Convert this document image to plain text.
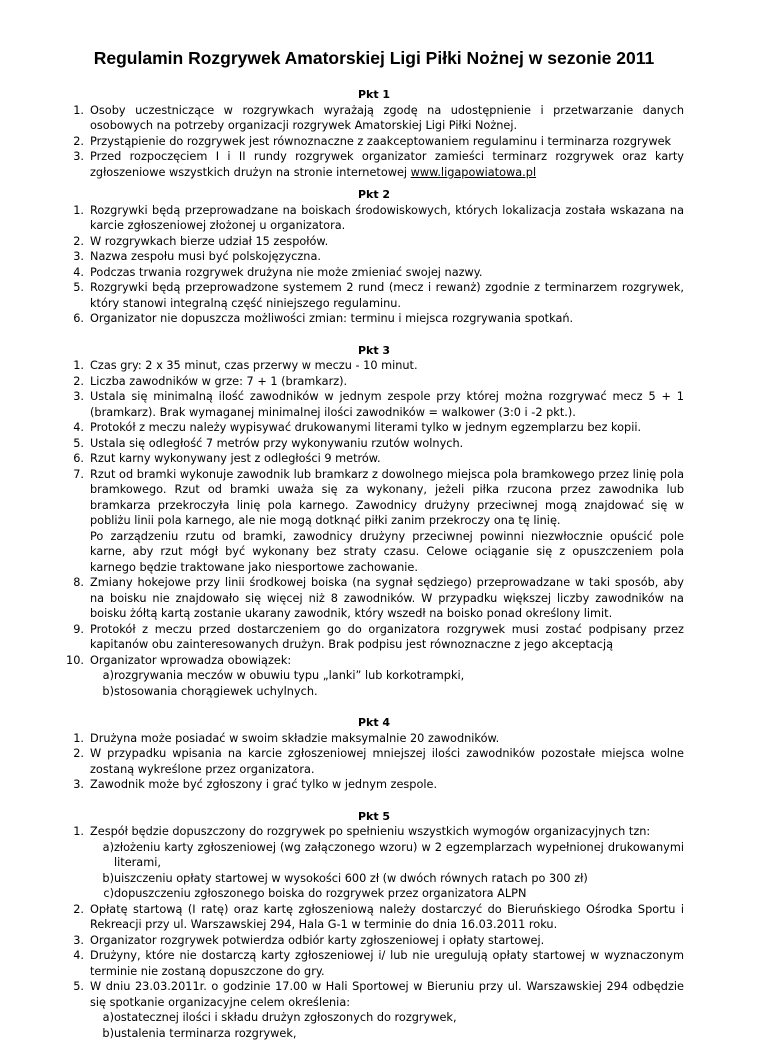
Regulamin Rozgrywek Amatorskiej Ligi Piłki Nożnej w sezonie 2011
Pkt 1
1. Osoby uczestniczące w rozgrywkach wyrażają zgodę na udostępnienie i przetwarzanie danych osobowych na potrzeby organizacji rozgrywek Amatorskiej Ligi Piłki Nożnej.
2. Przystąpienie do rozgrywek jest równoznaczne z zaakceptowaniem regulaminu i terminarza rozgrywek
3. Przed rozpoczęciem I i II rundy rozgrywek organizator zamieści terminarz rozgrywek oraz karty zgłoszeniowe wszystkich drużyn na stronie internetowej www.ligapowiatowa.pl
Pkt 2
1. Rozgrywki będą przeprowadzane na boiskach środowiskowych, których lokalizacja została wskazana na karcie zgłoszeniowej złożonej u organizatora.
2. W rozgrywkach bierze udział 15 zespołów.
3. Nazwa zespołu musi być polskojęzyczna.
4. Podczas trwania rozgrywek drużyna nie może zmieniać swojej nazwy.
5. Rozgrywki będą przeprowadzone systemem 2 rund (mecz i rewanż) zgodnie z terminarzem rozgrywek, który stanowi integralną część niniejszego regulaminu.
6. Organizator nie dopuszcza możliwości zmian: terminu i miejsca rozgrywania spotkań.
Pkt 3
1. Czas gry: 2 x 35 minut, czas przerwy w meczu - 10 minut.
2. Liczba zawodników w grze: 7 + 1 (bramkarz).
3. Ustala się minimalną ilość zawodników w jednym zespole przy której można rozgrywać mecz 5 + 1 (bramkarz). Brak wymaganej minimalnej ilości zawodników = walkower (3:0 i -2 pkt.).
4. Protokół z meczu należy wypisywać drukowanymi literami tylko w jednym egzemplarzu bez kopii.
5. Ustala się odległość 7 metrów przy wykonywaniu rzutów wolnych.
6. Rzut karny wykonywany jest z odległości 9 metrów.
7. Rzut od bramki wykonuje zawodnik lub bramkarz z dowolnego miejsca pola bramkowego przez linię pola bramkowego. Rzut od bramki uważa się za wykonany, jeżeli piłka rzucona przez zawodnika lub bramkarza przekroczyła linię pola karnego. Zawodnicy drużyny przeciwnej mogą znajdować się w pobliżu linii pola karnego, ale nie mogą dotknąć piłki zanim przekroczy ona tę linię.
Po zarządzeniu rzutu od bramki, zawodnicy drużyny przeciwnej powinni niezwłocznie opuścić pole karne, aby rzut mógł być wykonany bez straty czasu. Celowe ociąganie się z opuszczeniem pola karnego będzie traktowane jako niesportowe zachowanie.
8. Zmiany hokejowe przy linii środkowej boiska (na sygnał sędziego) przeprowadzane w taki sposób, aby na boisku nie znajdowało się więcej niż 8 zawodników. W przypadku większej liczby zawodników na boisku żółtą kartą zostanie ukarany zawodnik, który wszedł na boisko ponad określony limit.
9. Protokół z meczu przed dostarczeniem go do organizatora rozgrywek musi zostać podpisany przez kapitanów obu zainteresowanych drużyn. Brak podpisu jest równoznaczne z jego akceptacją
10. Organizator wprowadza obowiązek:
a) rozgrywania meczów w obuwiu typu „lanki” lub korkotrampki,
b) stosowania chorągiewek uchylnych.
Pkt 4
1. Drużyna może posiadać w swoim składzie maksymalnie 20 zawodników.
2. W przypadku wpisania na karcie zgłoszeniowej mniejszej ilości zawodników pozostałe miejsca wolne zostaną wykreślone przez organizatora.
3. Zawodnik może być zgłoszony i grać tylko w jednym zespole.
Pkt 5
1. Zespół będzie dopuszczony do rozgrywek po spełnieniu wszystkich wymogów organizacyjnych tzn:
a) złożeniu karty zgłoszeniowej (wg załączonego wzoru) w 2 egzemplarzach wypełnionej drukowanymi literami,
b) uiszczeniu opłaty startowej w wysokości 600 zł (w dwóch równych ratach po 300 zł)
c) dopuszczeniu zgłoszonego boiska do rozgrywek przez organizatora ALPN
2. Opłatę startową (I ratę) oraz kartę zgłoszeniową należy dostarczyć do Bieruńskiego Ośrodka Sportu i Rekreacji przy ul. Warszawskiej 294, Hala G-1 w terminie do dnia 16.03.2011 roku.
3. Organizator rozgrywek potwierdza odbiór karty zgłoszeniowej i opłaty startowej.
4. Drużyny, które nie dostarczą karty zgłoszeniowej i/ lub nie uregulują opłaty startowej w wyznaczonym terminie nie zostaną dopuszczone do gry.
5. W dniu 23.03.2011r. o godzinie 17.00 w Hali Sportowej w Bieruniu przy ul. Warszawskiej 294 odbędzie się spotkanie organizacyjne celem określenia:
a) ostatecznej ilości i składu drużyn zgłoszonych do rozgrywek,
b) ustalenia terminarza rozgrywek,
